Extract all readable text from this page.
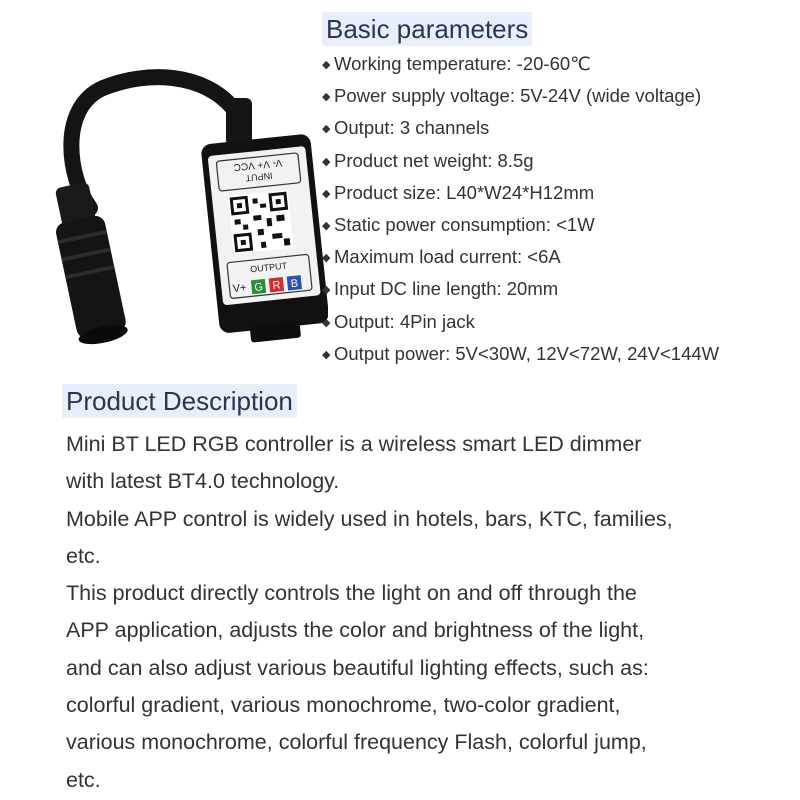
INPUT
V- V+ VCC
OUTPUT
V+ G R B
Basic parameters
◆ Working temperature: -20-60℃
◆ Power supply voltage: 5V-24V (wide voltage)
◆ Output: 3 channels
◆ Product net weight: 8.5g
◆ Product size: L40*W24*H12mm
◆ Static power consumption: <1W
◆ Maximum load current: <6A
◆ Input DC line length: 20mm
◆ Output: 4Pin jack
◆ Output power: 5V<30W, 12V<72W, 24V<144W
Product Description
Mini BT LED RGB controller is a wireless smart LED dimmer
with latest BT4.0 technology.
Mobile APP control is widely used in hotels, bars, KTC, families,
etc.
This product directly controls the light on and off through the
APP application, adjusts the color and brightness of the light,
and can also adjust various beautiful lighting effects, such as:
colorful gradient, various monochrome, two-color gradient,
various monochrome, colorful frequency Flash, colorful jump,
etc.
